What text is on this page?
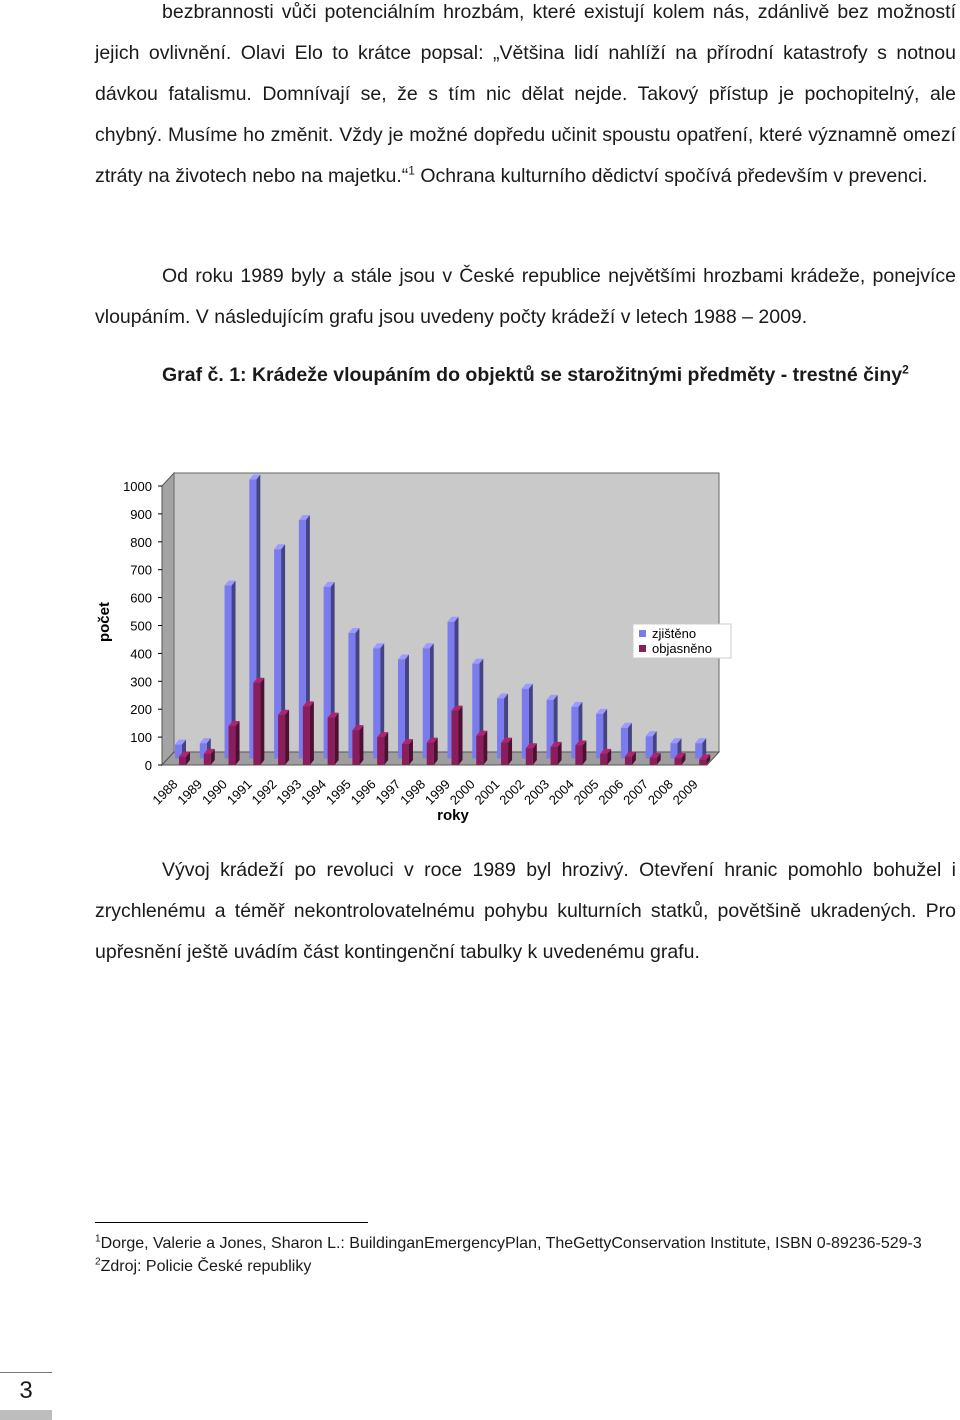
bezbrannosti vůči potenciálním hrozbám, které existují kolem nás, zdánlivě bez možností jejich ovlivnění. Olavi Elo to krátce popsal: „Většina lidí nahlíží na přírodní katastrofy s notnou dávkou fatalismu. Domnívají se, že s tím nic dělat nejde. Takový přístup je pochopitelný, ale chybný. Musíme ho změnit. Vždy je možné dopředu učinit spoustu opatření, které významně omezí ztráty na životech nebo na majetku.“$^1$ Ochrana kulturního dědictví spočívá především v prevenci.
Od roku 1989 byly a stále jsou v České republice největšími hrozbami krádeže, ponejvíce vloupáním. V následujícím grafu jsou uvedeny počty krádeží v letech 1988 – 2009.
Graf č. 1: Krádeže vloupáním do objektů se starožitnými předměty - trestné činy$^2$
0
100
200
300
400
500
600
700
800
900
1000
počet
1988
1989
1990
1991
1992
1993
1994
1995
1996
1997
1998
1999
2000
2001
2002
2003
2004
2005
2006
2007
2008
2009
roky
zjištěno
objasněno
Vývoj krádeží po revoluci v roce 1989 byl hrozivý. Otevření hranic pomohlo bohužel i zrychlenému a téměř nekontrolovatelnému pohybu kulturních statků, povětšině ukradených. Pro upřesnění ještě uvádím část kontingenční tabulky k uvedenému grafu.
$^1$Dorge, Valerie a Jones, Sharon L.: BuildinganEmergencyPlan, TheGettyConservation Institute, ISBN 0-89236-529-3
$^2$Zdroj: Policie České republiky
3
